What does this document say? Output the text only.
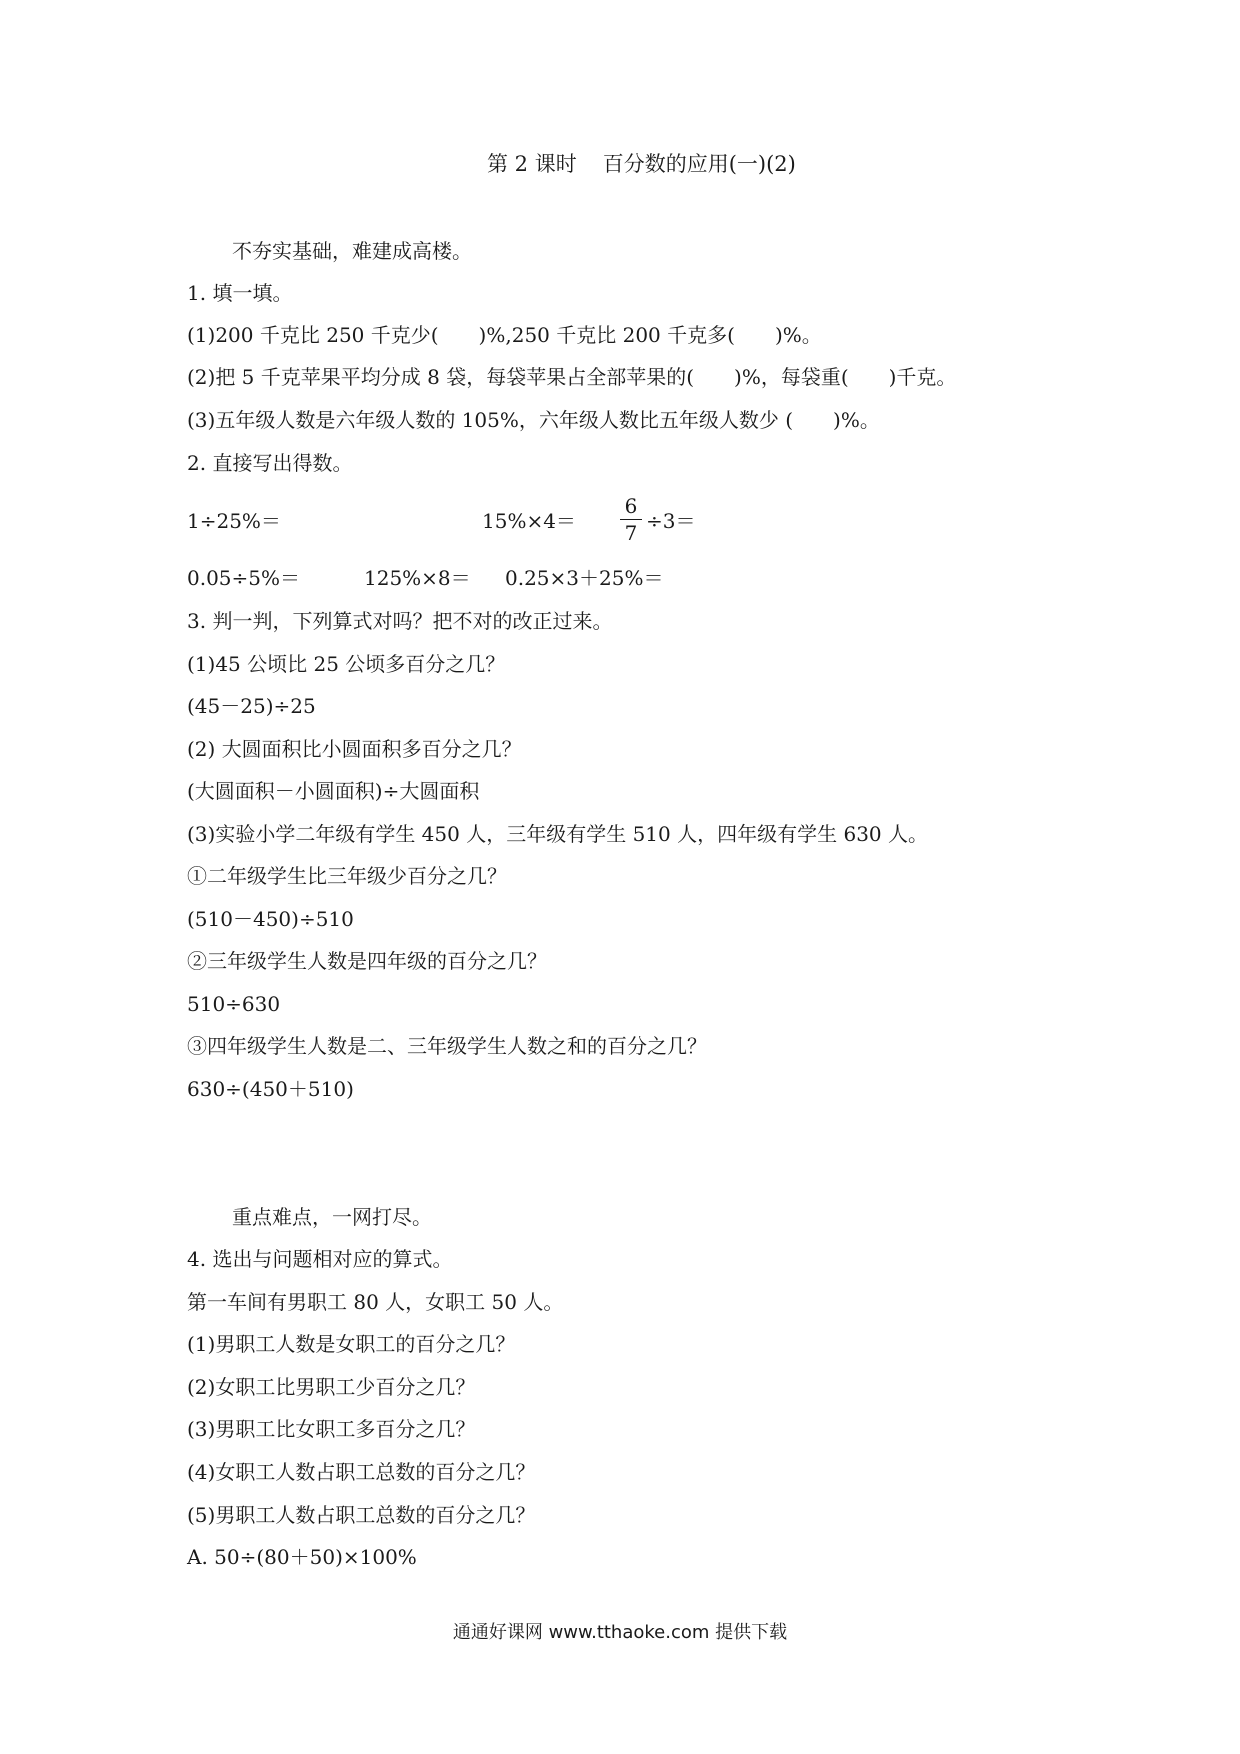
第 2 课时 百分数的应用(一)(2)
不夯实基础，难建成高楼。
1. 填一填。
(1)200 千克比 250 千克少(　　)%,250 千克比 200 千克多(　　)%。
(2)把 5 千克苹果平均分成 8 袋，每袋苹果占全部苹果的(　　)%，每袋重(　　)千克。
(3)五年级人数是六年级人数的 105%，六年级人数比五年级人数少 (　　)%。
2. 直接写出得数。
1÷25%＝	15%×4＝
6
7 ÷3＝
0.05÷5%＝	125%×8＝ 0.25×3＋25%＝
3. 判一判，下列算式对吗？把不对的改正过来。
(1)45 公顷比 25 公顷多百分之几？
(45－25)÷25
(2) 大圆面积比小圆面积多百分之几？
(大圆面积－小圆面积)÷大圆面积
(3)实验小学二年级有学生 450 人，三年级有学生 510 人，四年级有学生 630 人。
①二年级学生比三年级少百分之几？
(510－450)÷510
②三年级学生人数是四年级的百分之几？
510÷630
③四年级学生人数是二、三年级学生人数之和的百分之几？
630÷(450＋510)
重点难点，一网打尽。
4. 选出与问题相对应的算式。
第一车间有男职工 80 人，女职工 50 人。
(1)男职工人数是女职工的百分之几？
(2)女职工比男职工少百分之几？
(3)男职工比女职工多百分之几？
(4)女职工人数占职工总数的百分之几？
(5)男职工人数占职工总数的百分之几？
A. 50÷(80＋50)×100%
通通好课网 www.tthaoke.com 提供下载
